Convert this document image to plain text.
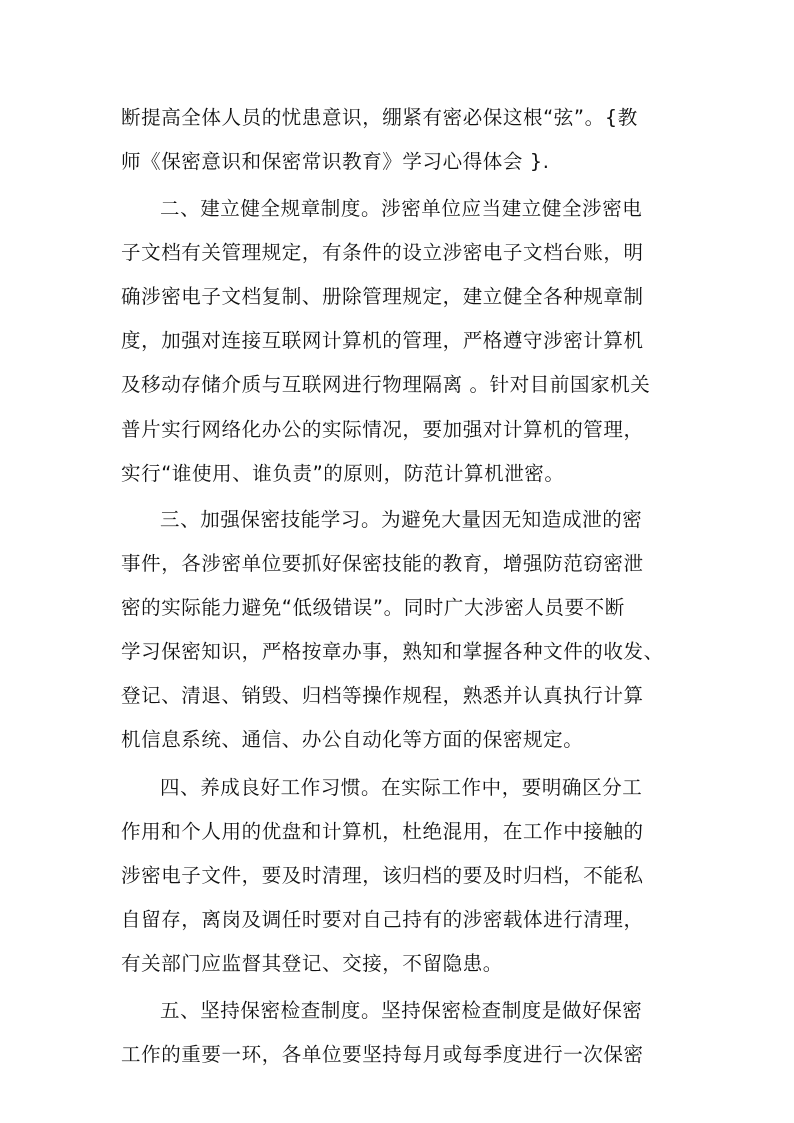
断提高全体人员的忧患意识，绷紧有密必保这根“弦”。{教
师《保密意识和保密常识教育》学习心得体会 }.
二、建立健全规章制度。涉密单位应当建立健全涉密电
子文档有关管理规定，有条件的设立涉密电子文档台账，明
确涉密电子文档复制、册除管理规定，建立健全各种规章制
度，加强对连接互联网计算机的管理，严格遵守涉密计算机
及移动存储介质与互联网进行物理隔离 。针对目前国家机关
普片实行网络化办公的实际情况，要加强对计算机的管理，
实行“谁使用、谁负责”的原则，防范计算机泄密。
三、加强保密技能学习。为避免大量因无知造成泄的密
事件，各涉密单位要抓好保密技能的教育，增强防范窃密泄
密的实际能力避免“低级错误”。同时广大涉密人员要不断
学习保密知识，严格按章办事，熟知和掌握各种文件的收发、
登记、清退、销毁、归档等操作规程，熟悉并认真执行计算
机信息系统、通信、办公自动化等方面的保密规定。
四、养成良好工作习惯。在实际工作中，要明确区分工
作用和个人用的优盘和计算机，杜绝混用，在工作中接触的
涉密电子文件，要及时清理，该归档的要及时归档，不能私
自留存，离岗及调任时要对自己持有的涉密载体进行清理，
有关部门应监督其登记、交接，不留隐患。
五、坚持保密检查制度。坚持保密检查制度是做好保密
工作的重要一环，各单位要坚持每月或每季度进行一次保密
